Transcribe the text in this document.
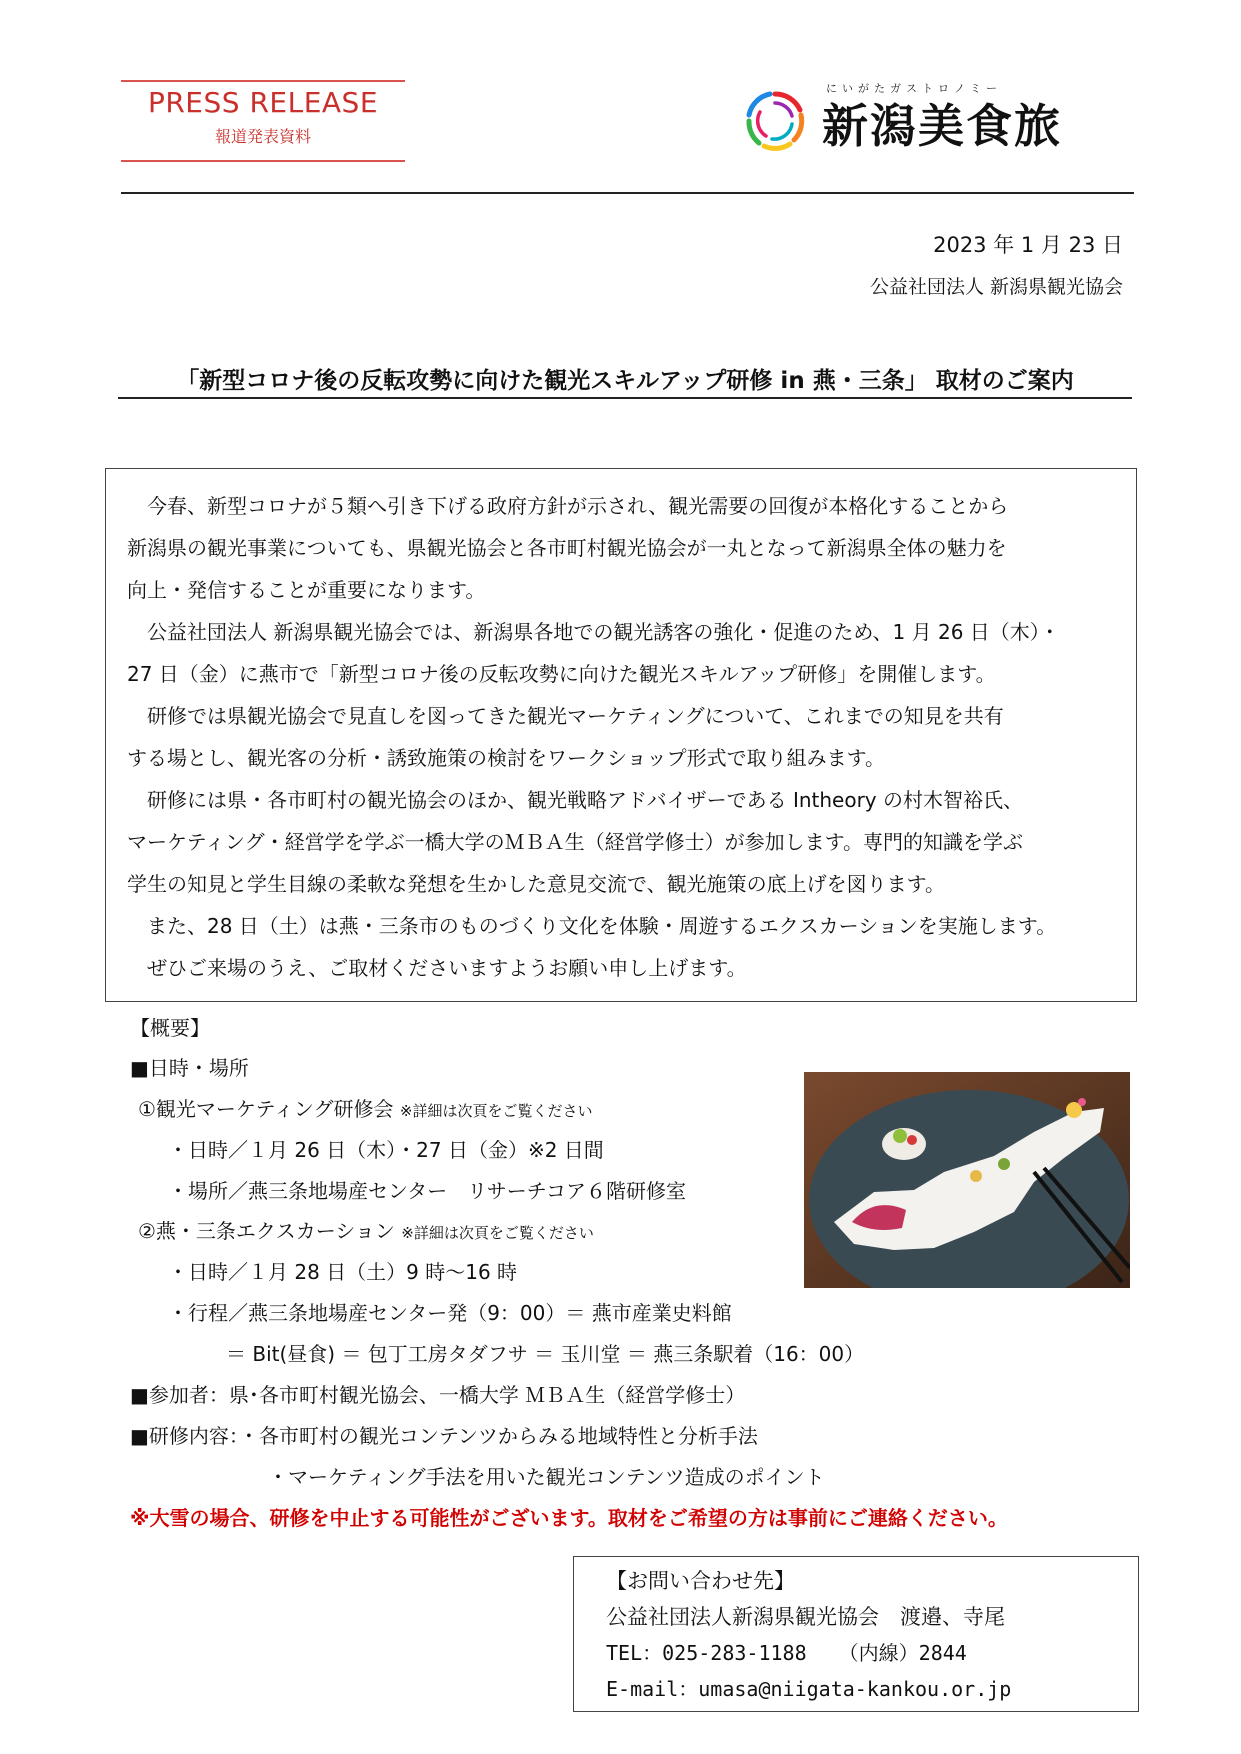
PRESS RELEASE
報道発表資料
にいがたガストロノミー
新潟美食旅
2023 年 1 月 23 日
公益社団法人 新潟県観光協会
「新型コロナ後の反転攻勢に向けた観光スキルアップ研修 in 燕・三条」 取材のご案内

　今春、新型コロナが５類へ引き下げる政府方針が示され、観光需要の回復が本格化することから

新潟県の観光事業についても、県観光協会と各市町村観光協会が一丸となって新潟県全体の魅力を

向上・発信することが重要になります。

　公益社団法人 新潟県観光協会では、新潟県各地での観光誘客の強化・促進のため、1 月 26 日（木）・

27 日（金）に燕市で「新型コロナ後の反転攻勢に向けた観光スキルアップ研修」を開催します。

　研修では県観光協会で見直しを図ってきた観光マーケティングについて、これまでの知見を共有

する場とし、観光客の分析・誘致施策の検討をワークショップ形式で取り組みます。

　研修には県・各市町村の観光協会のほか、観光戦略アドバイザーである Intheory の村木智裕氏、

マーケティング・経営学を学ぶ一橋大学のＭＢＡ生（経営学修士）が参加します。専門的知識を学ぶ

学生の知見と学生目線の柔軟な発想を生かした意見交流で、観光施策の底上げを図ります。

　また、28 日（土）は燕・三条市のものづくり文化を体験・周遊するエクスカーションを実施します。

　ぜひご来場のうえ、ご取材くださいますようお願い申し上げます。

【概要】
■日時・場所
①観光マーケティング研修会 ※詳細は次頁をご覧ください
・日時／１月 26 日（木）・27 日（金）※2 日間
・場所／燕三条地場産センター　リサーチコア６階研修室
②燕・三条エクスカーション ※詳細は次頁をご覧ください
・日時／１月 28 日（土）9 時～16 時
・行程／燕三条地場産センター発（9：00）＝ 燕市産業史料館
＝ Bit(昼食) ＝ 包丁工房タダフサ ＝ 玉川堂 ＝ 燕三条駅着（16：00）
■参加者：県･各市町村観光協会、一橋大学 ＭＢＡ生（経営学修士）
■研修内容：・各市町村の観光コンテンツからみる地域特性と分析手法
・マーケティング手法を用いた観光コンテンツ造成のポイント
※大雪の場合、研修を中止する可能性がございます。取材をご希望の方は事前にご連絡ください。
【お問い合わせ先】
公益社団法人新潟県観光協会　渡邉、寺尾
TEL：025-283-1188　 （内線）2844
E-mail：umasa@niigata-kankou.or.jp
